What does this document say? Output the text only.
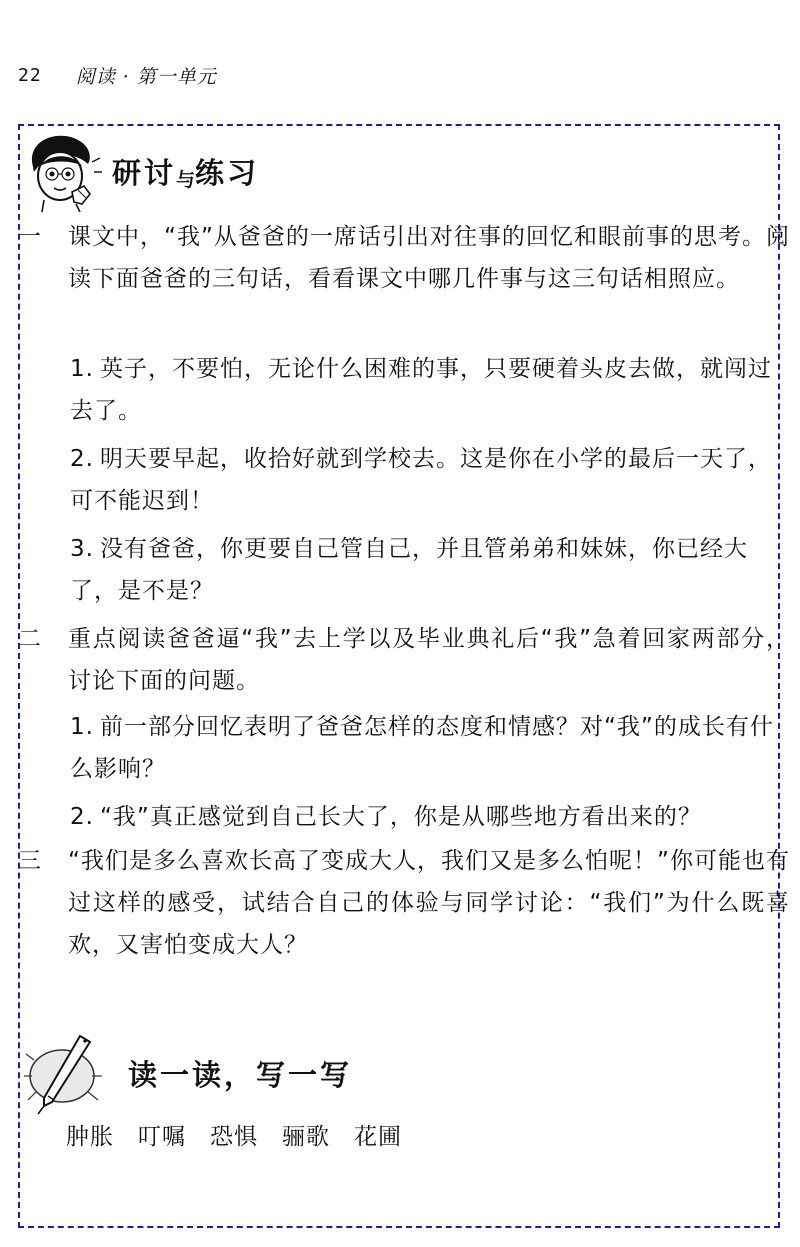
22 阅读 · 第一单元
研讨与练习
一	课文中，“我”从爸爸的一席话引出对往事的回忆和眼前事的思考。阅读下面爸爸的三句话，看看课文中哪几件事与这三句话相照应。
1. 英子，不要怕，无论什么困难的事，只要硬着头皮去做，就闯过去了。
2. 明天要早起，收拾好就到学校去。这是你在小学的最后一天了，可不能迟到！
3. 没有爸爸，你更要自己管自己，并且管弟弟和妹妹，你已经大了，是不是？
二	重点阅读爸爸逼“我”去上学以及毕业典礼后“我”急着回家两部分，讨论下面的问题。
1. 前一部分回忆表明了爸爸怎样的态度和情感？对“我”的成长有什么影响？
2. “我”真正感觉到自己长大了，你是从哪些地方看出来的？
三	“我们是多么喜欢长高了变成大人，我们又是多么怕呢！”你可能也有过这样的感受，试结合自己的体验与同学讨论：“我们”为什么既喜欢，又害怕变成大人？
读一读，写一写
肿胀 叮嘱 恐惧 骊歌 花圃
